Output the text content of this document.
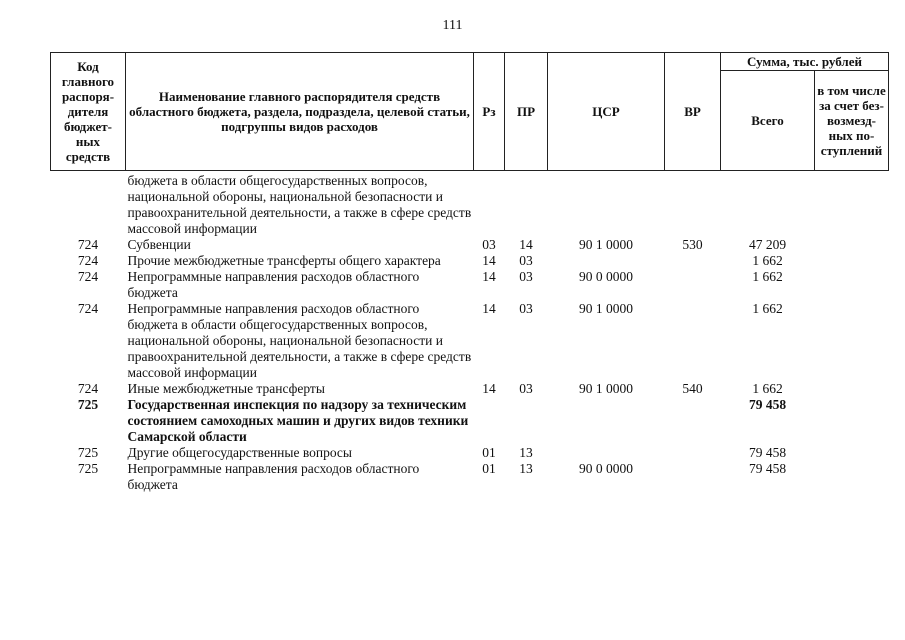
111
Код главного распоря- дителя бюджет- ных средств	Наименование главного распорядителя средств областного бюджета, раздела, подраздела, целевой статьи, подгруппы видов расходов	Рз	ПР	ЦСР	ВР	Сумма, тыс. рублей	
						Всего	в том числе за счет без- возмезд- ных по- ступлений

	бюджета в области общегосударственных вопросов, национальной обороны, национальной безопасности и правоохранительной деятельности, а также в сфере средств массовой информации						
724	Субвенции	03	14	90 1 0000	530	47 209	
724	Прочие межбюджетные трансферты общего характера	14	03			1 662	
724	Непрограммные направления расходов областного бюджета	14	03	90 0 0000		1 662	
724	Непрограммные направления расходов областного бюджета в области общегосударственных вопросов, национальной обороны, национальной безопасности и правоохранительной деятельности, а также в сфере средств массовой информации	14	03	90 1 0000		1 662	
724	Иные межбюджетные трансферты	14	03	90 1 0000	540	1 662	
725	Государственная инспекция по надзору за техническим состоянием самоходных машин и других видов техники Самарской области					79 458	
725	Другие общегосударственные вопросы	01	13			79 458	
725	Непрограммные направления расходов областного бюджета	01	13	90 0 0000		79 458	
